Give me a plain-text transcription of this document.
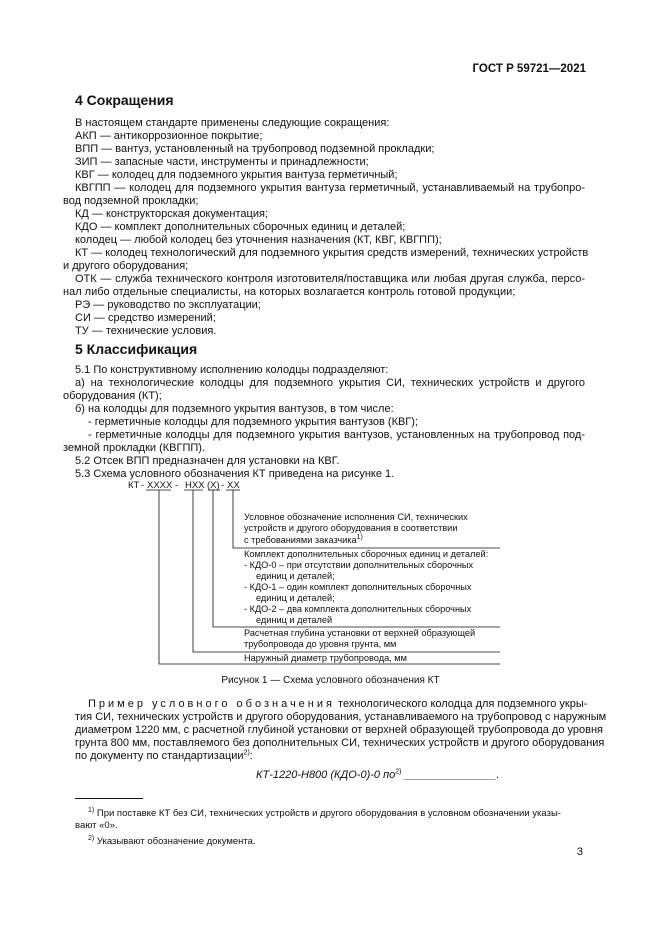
ГОСТ Р 59721—2021
4 Сокращения
В настоящем стандарте применены следующие сокращения:
АКП — антикоррозионное покрытие;
ВПП — вантуз, установленный на трубопровод подземной прокладки;
ЗИП — запасные части, инструменты и принадлежности;
КВГ — колодец для подземного укрытия вантуза герметичный;
КВГПП — колодец для подземного укрытия вантуза герметичный, устанавливаемый на трубопро-
вод подземной прокладки;
КД — конструкторская документация;
КДО — комплект дополнительных сборочных единиц и деталей;
колодец — любой колодец без уточнения назначения (КТ, КВГ, КВГПП);
КТ — колодец технологический для подземного укрытия средств измерений, технических устройств
и другого оборудования;
ОТК — служба технического контроля изготовителя/поставщика или любая другая служба, персо-
нал либо отдельные специалисты, на которых возлагается контроль готовой продукции;
РЭ — руководство по эксплуатации;
СИ — средство измерений;
ТУ — технические условия.
5 Классификация
5.1 По конструктивному исполнению колодцы подразделяют:
а) на технологические колодцы для подземного укрытия СИ, технических устройств и другого
оборудования (КТ);
б) на колодцы для подземного укрытия вантузов, в том числе:
- герметичные колодцы для подземного укрытия вантузов (КВГ);
- герметичные колодцы для подземного укрытия вантузов, установленных на трубопровод под-
земной прокладки (КВГПП).
5.2 Отсек ВПП предназначен для установки на КВГ.
5.3 Схема условного обозначения КТ приведена на рисунке 1.
КТ - ХХХХ - НХХ (Х) - ХХ
Условное обозначение исполнения СИ, технических
устройств и другого оборудования в соответствии
с требованиями заказчика$^{1)}$
Комплект дополнительных сборочных единиц и деталей:
- КДО-0 – при отсутствии дополнительных сборочных
единиц и деталей;
- КДО-1 – один комплект дополнительных сборочных
единиц и деталей;
- КДО-2 – два комплекта дополнительных сборочных
единиц и деталей
Расчетная глубина установки от верхней образующей
трубопровода до уровня грунта, мм
Наружный диаметр трубопровода, мм
Рисунок 1 — Схема условного обозначения КТ
Пример условного обозначения технологического колодца для подземного укры-
тия СИ, технических устройств и другого оборудования, устанавливаемого на трубопровод с наружным
диаметром 1220 мм, с расчетной глубиной установки от верхней образующей трубопровода до уровня
грунта 800 мм, поставляемого без дополнительных СИ, технических устройств и другого оборудования
по документу по стандартизации$^{2)}$:
КТ-1220-Н800 (КДО-0)-0 $по^{2)}$ _______________.
$^{1)}$ При поставке КТ без СИ, технических устройств и другого оборудования в условном обозначении указы-
вают «0».
$^{2)}$ Указывают обозначение документа.
3
